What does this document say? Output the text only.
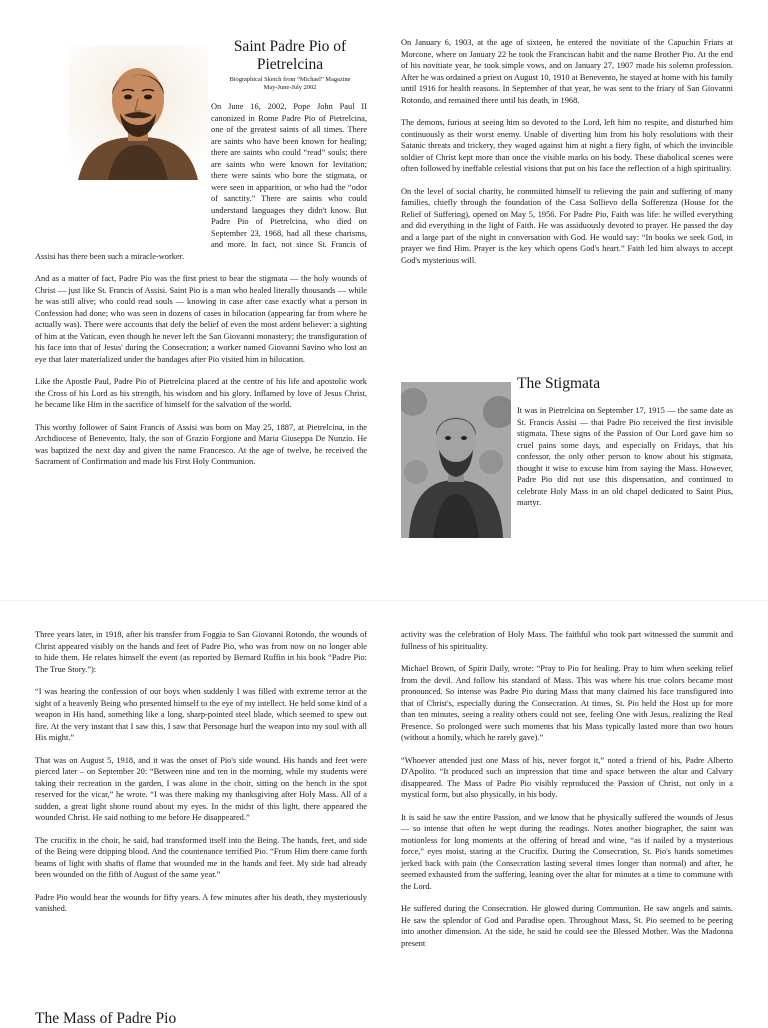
Saint Padre Pio of
Pietrelcina
Biographical Sketch from “Michael” Magazine
May-June-July 2002

On June 16, 2002, Pope John Paul II canonized in Rome Padre Pio of Pietrelcina, one of the greatest saints of all times. There are saints who have been known for healing; there are saints who could “read” souls; there are saints who were known for levitation; there were saints who bore the stigmata, or were seen in apparition, or who had the “odor of sanctity.” There are saints who could understand languages they didn't know. But Padre Pio of Pietrelcina, who died on September 23, 1968, had all these charisms, and more. In fact, not since St. Francis of Assisi has there been such a miracle-worker.

And as a matter of fact, Padre Pio was the first priest to bear the stigmata — the holy wounds of Christ — just like St. Francis of Assisi. Saint Pio is a man who healed literally thousands — while he was still alive; who could read souls — knowing in case after case exactly what a person in Confession had done; who was seen in dozens of cases in bilocation (appearing far from where he actually was). There were accounts that defy the belief of even the most ardent believer: a sighting of him at the Vatican, even though he never left the San Giovanni monastery; the transfiguration of his face into that of Jesus' during the Consecration; a worker named Giovanni Savino who lost an eye that later materialized under the bandages after Pio visited him in bilocation.

Like the Apostle Paul, Padre Pio of Pietrelcina placed at the centre of his life and apostolic work the Cross of his Lord as his strength, his wisdom and his glory. Inflamed by love of Jesus Christ, he became like Him in the sacrifice of himself for the salvation of the world.

This worthy follower of Saint Francis of Assisi was born on May 25, 1887, at Pietrelcina, in the Archdiocese of Benevento, Italy, the son of Grazio Forgione and Maria Giuseppa De Nunzio. He was baptized the next day and given the name Francesco. At the age of twelve, he received the Sacrament of Confirmation and made his First Holy Communion.

On January 6, 1903, at the age of sixteen, he entered the novitiate of the Capuchin Friars at Morcone, where on January 22 he took the Franciscan habit and the name Brother Pio. At the end of his novitiate year, he took simple vows, and on January 27, 1907 made his solemn profession. After he was ordained a priest on August 10, 1910 at Benevento, he stayed at home with his family until 1916 for health reasons. In September of that year, he was sent to the friary of San Giovanni Rotondo, and remained there until his death, in 1968.

The demons, furious at seeing him so devoted to the Lord, left him no respite, and disturbed him continuously as their worst enemy. Unable of diverting him from his holy resolutions with their Satanic threats and trickery, they waged against him at night a fiery fight, of which the invincible soldier of Christ kept more than once the visible marks on his body. These diabolical scenes were often followed by ineffable celestial visions that put on his face the reflection of a high spirituality.

On the level of social charity, he committed himself to relieving the pain and suffering of many families, chiefly through the foundation of the Casa Sollievo della Sofferenza (House for the Relief of Suffering), opened on May 5, 1956. For Padre Pio, Faith was life: he willed everything and did everything in the light of Faith. He was assiduously devoted to prayer. He passed the day and a large part of the night in conversation with God. He would say: “In books we seek God, in prayer we find Him. Prayer is the key which opens God's heart.” Faith led him always to accept God's mysterious will.

The Stigmata

It was in Pietrelcina on September 17, 1915 — the same date as St. Francis Assisi — that Padre Pio received the first invisible stigmata. These signs of the Passion of Our Lord gave him so cruel pains some days, and especially on Fridays, that his confessor, the only other person to know about his stigmata, thought it wise to excuse him from saying the Mass. However, Padre Pio did not use this dispensation, and continued to celebrate Holy Mass in an old chapel dedicated to Saint Pius, martyr.

Three years later, in 1918, after his transfer from Foggia to San Giovanni Rotondo, the wounds of Christ appeared visibly on the hands and feet of Padre Pio, who was from now on no longer able to hide them. He relates himself the event (as reported by Bernard Ruffin in his book “Padre Pio: The True Story.”):

“I was hearing the confession of our boys when suddenly I was filled with extreme terror at the sight of a heavenly Being who presented himself to the eye of my intellect. He held some kind of a weapon in His hand, something like a long, sharp-pointed steel blade, which seemed to spew out fire. At the very instant that I saw this, I saw that Personage hurl the weapon into my soul with all His might.”

That was on August 5, 1918, and it was the onset of Pio's side wound. His hands and feet were pierced later – on September 20: “Between nine and ten in the morning, while my students were taking their recreation in the garden, I was alone in the choir, sitting on the bench in the spot reserved for the vicar,” he wrote. “I was there making my thanksgiving after Holy Mass. All of a sudden, a great light shone round about my eyes. In the midst of this light, there appeared the wounded Christ. He said nothing to me before He disappeared.”

The crucifix in the choir, he said, had transformed itself into the Being. The hands, feet, and side of the Being were dripping blood. And the countenance terrified Pio. “From Him there came forth beams of light with shafts of flame that wounded me in the hands and feet. My side had already been wounded on the fifth of August of the same year.”

Padre Pio would bear the wounds for fifty years. A few minutes after his death, they mysteriously vanished.

The Mass of Padre Pio

activity was the celebration of Holy Mass. The faithful who took part witnessed the summit and fullness of his spirituality.

Michael Brown, of Spirit Daily, wrote: “Pray to Pio for healing. Pray to him when seeking relief from the devil. And follow his standard of Mass. This was where his true colors became most pronounced. So intense was Padre Pio during Mass that many claimed his face transfigured into that of Christ's, especially during the Consecration. At times, St. Pio held the Host up for more than ten minutes, seeing a reality others could not see, feeling One with Jesus, realizing the Real Presence. So prolonged were such moments that his Mass typically lasted more than two hours (without a homily, which he rarely gave).”

“Whoever attended just one Mass of his, never forgot it,” noted a friend of his, Padre Alberto D'Apolito. “It produced such an impression that time and space between the altar and Calvary disappeared. The Mass of Padre Pio visibly reproduced the Passion of Christ, not only in a mystical form, but also physically, in his body.

It is said he saw the entire Passion, and we know that he physically suffered the wounds of Jesus — so intense that often he wept during the readings. Notes another biographer, the saint was motionless for long moments at the offering of bread and wine, “as if nailed by a mysterious force,” eyes moist, staring at the Crucifix. During the Consecration, St. Pio's hands sometimes jerked back with pain (the Consecration lasting several times longer than normal) and after, he seemed exhausted from the suffering, leaning over the altar for minutes at a time to commune with the Lord.

He suffered during the Consecration. He glowed during Communion. He saw angels and saints. He saw the splendor of God and Paradise open. Throughout Mass, St. Pio seemed to be peering into another dimension. At the side, he said he could see the Blessed Mother. Was the Madonna present
